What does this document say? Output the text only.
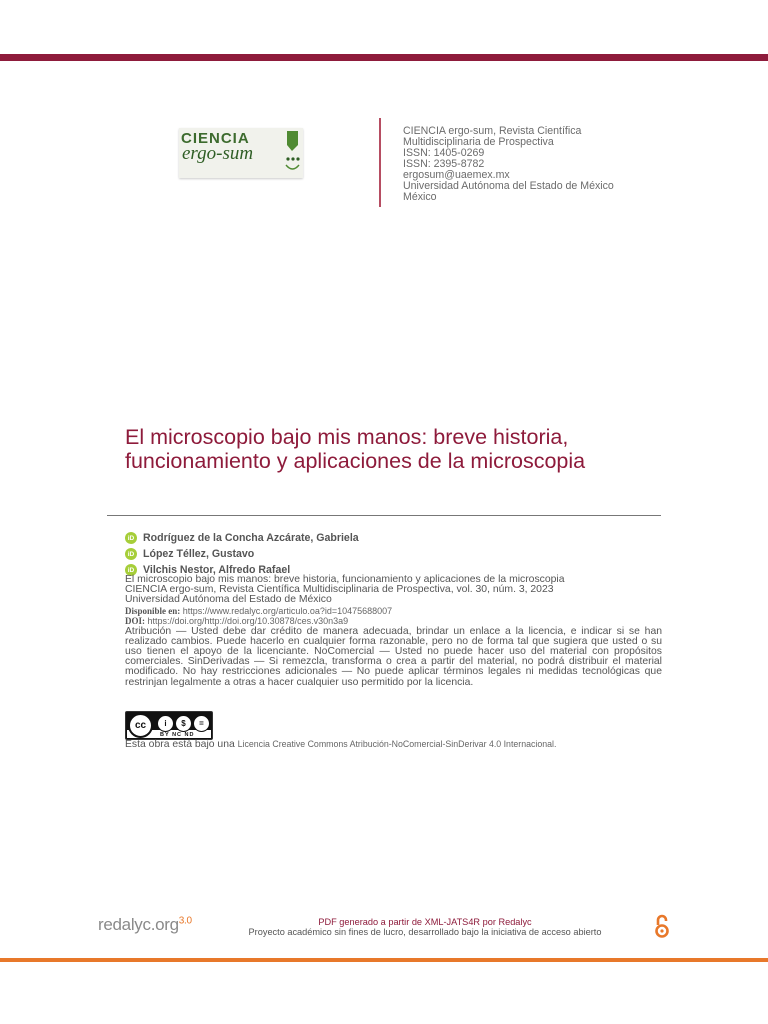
CIENCIA
ergo-sum
CIENCIA ergo-sum, Revista Científica
Multidisciplinaria de Prospectiva
ISSN: 1405-0269
ISSN: 2395-8782
ergosum@uaemex.mx
Universidad Autónoma del Estado de México
México
El microscopio bajo mis manos: breve historia, funcionamiento y aplicaciones de la microscopia
iD Rodríguez de la Concha Azcárate, Gabriela
iD López Téllez, Gustavo
iD Vilchis Nestor, Alfredo Rafael
El microscopio bajo mis manos: breve historia, funcionamiento y aplicaciones de la microscopia
CIENCIA ergo-sum, Revista Científica Multidisciplinaria de Prospectiva, vol. 30, núm. 3, 2023
Universidad Autónoma del Estado de México
Disponible en: https://www.redalyc.org/articulo.oa?id=10475688007
DOI: https://doi.org/http://doi.org/10.30878/ces.v30n3a9
Atribución — Usted debe dar crédito de manera adecuada, brindar un enlace a la licencia, e indicar si se han realizado cambios. Puede hacerlo en cualquier forma razonable, pero no de forma tal que sugiera que usted o su uso tienen el apoyo de la licenciante. NoComercial — Usted no puede hacer uso del material con propósitos comerciales. SinDerivadas — Si remezcla, transforma o crea a partir del material, no podrá distribuir el material modificado. No hay restricciones adicionales — No puede aplicar términos legales ni medidas tecnológicas que restrinjan legalmente a otras a hacer cualquier uso permitido por la licencia.
BY NC ND
cc	i	$	=
Esta obra está bajo una Licencia Creative Commons Atribución-NoComercial-SinDerivar 4.0 Internacional.
redalyc.org$^{3.0}$	PDF generado a partir de XML-JATS4R por Redalyc
Proyecto académico sin fines de lucro, desarrollado bajo la iniciativa de acceso abierto
